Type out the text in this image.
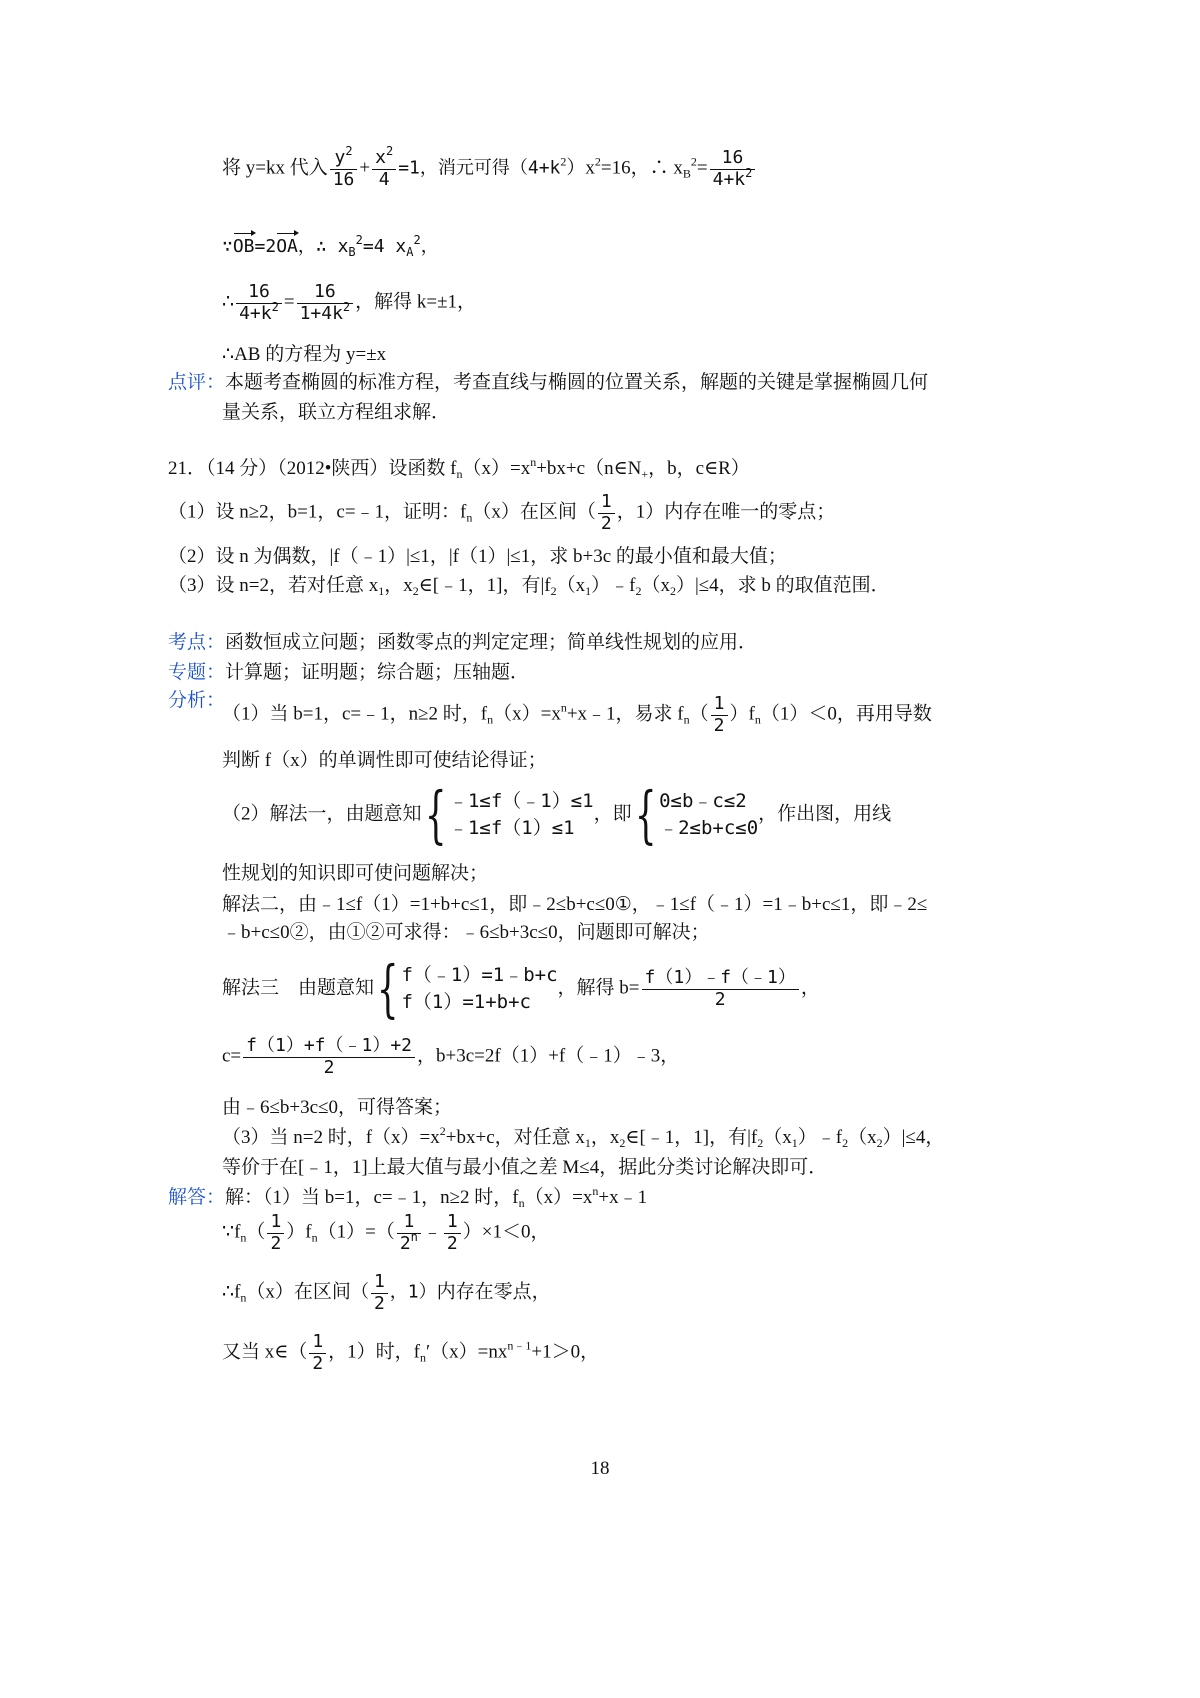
将 y=kx 代入 $\frac{y^2}{16} + \frac{x^2}{4} =1$，消元可得$(4+k^2)x^2=16$，∴ $x_B^2= \frac{16}{4+k^2}$
∵OB=2OA，∴ $x_B^2=4$ $x_A^2$，
∴ $\frac{16}{4+k^2} = \frac{16}{1+4k^2}$ ，解得 k=±1，
∴AB 的方程为 y=±x
点评：本题考查椭圆的标准方程，考查直线与椭圆的位置关系，解题的关键是掌握椭圆几何
量关系，联立方程组求解．
21．（14 分）（2012•陕西）设函数 $f_n(x)=x^n+bx+c(n\in N_+$，b，c∈R）
（1）设 n≥2，b=1，c=﹣1，证明：$f_n(x)$在区间（ $\frac{1}{2}$ ，1）内存在唯一的零点；
（2）设 n 为偶数，|f（﹣1）|≤1，|f（1）|≤1，求 b+3c 的最小值和最大值；
（3）设 n=2，若对任意 $x_1$，$x_2\in[﹣1$，1]，有$|f_2(x_1)﹣f_2(x_2)|\le 4$，求 b 的取值范围．
考点：函数恒成立问题；函数零点的判定定理；简单线性规划的应用．
专题：计算题；证明题；综合题；压轴题．
分析：
（1）当 b=1，c=﹣1，n≥2 时，$f_n(x)=x^n+x﹣1$，易求 $f_n( \frac{1}{2} )f_n(1)<0$，再用导数
判断 f（x）的单调性即可使结论得证；
（2）解法一，由题意知 { ﹣1≤f（﹣1）≤1
﹣1≤f（1）≤1
，即 { 0≤b﹣c≤2
﹣2≤b+c≤0
，作出图，用线
性规划的知识即可使问题解决；
解法二，由﹣1≤f（1）=1+b+c≤1，即﹣2≤b+c≤0①，﹣1≤f（﹣1）=1﹣b+c≤1，即﹣2≤
﹣b+c≤0②，由①②可求得：﹣6≤b+3c≤0，问题即可解决；
解法三　由题意知 { f（﹣1）=1﹣b+c
f（1）=1+b+c
，解得 $b= \frac{f(1)﹣f(﹣1)}{2}$ ，
$c= \frac{f(1)+f(﹣1)+2}{2}$ ，b+3c=2f（1）+f（﹣1）﹣3，
由﹣6≤b+3c≤0，可得答案；
（3）当 n=2 时，$f(x)=x^2+bx+c$，对任意 $x_1$，$x_2\in[﹣1$，1]，有$|f_2(x_1)﹣f_2(x_2)|\le 4$，
等价于在[﹣1，1]上最大值与最小值之差 M≤4，据此分类讨论解决即可．
解答：解：（1）当 b=1，c=﹣1，n≥2 时，$f_n(x)=x^n+x﹣1$
$\because f_n( \frac{1}{2} )f_n(1)=( \frac{1}{2^n}$ ﹣ $\frac{1}{2} )\times 1<0$，
$\therefore f_n(x)$在区间（ $\frac{1}{2}$ ，1）内存在零点，
又当 x∈（ $\frac{1}{2}$ ，1）时，$f_n'(x)=nx^{n﹣1}+1>0$，
18
